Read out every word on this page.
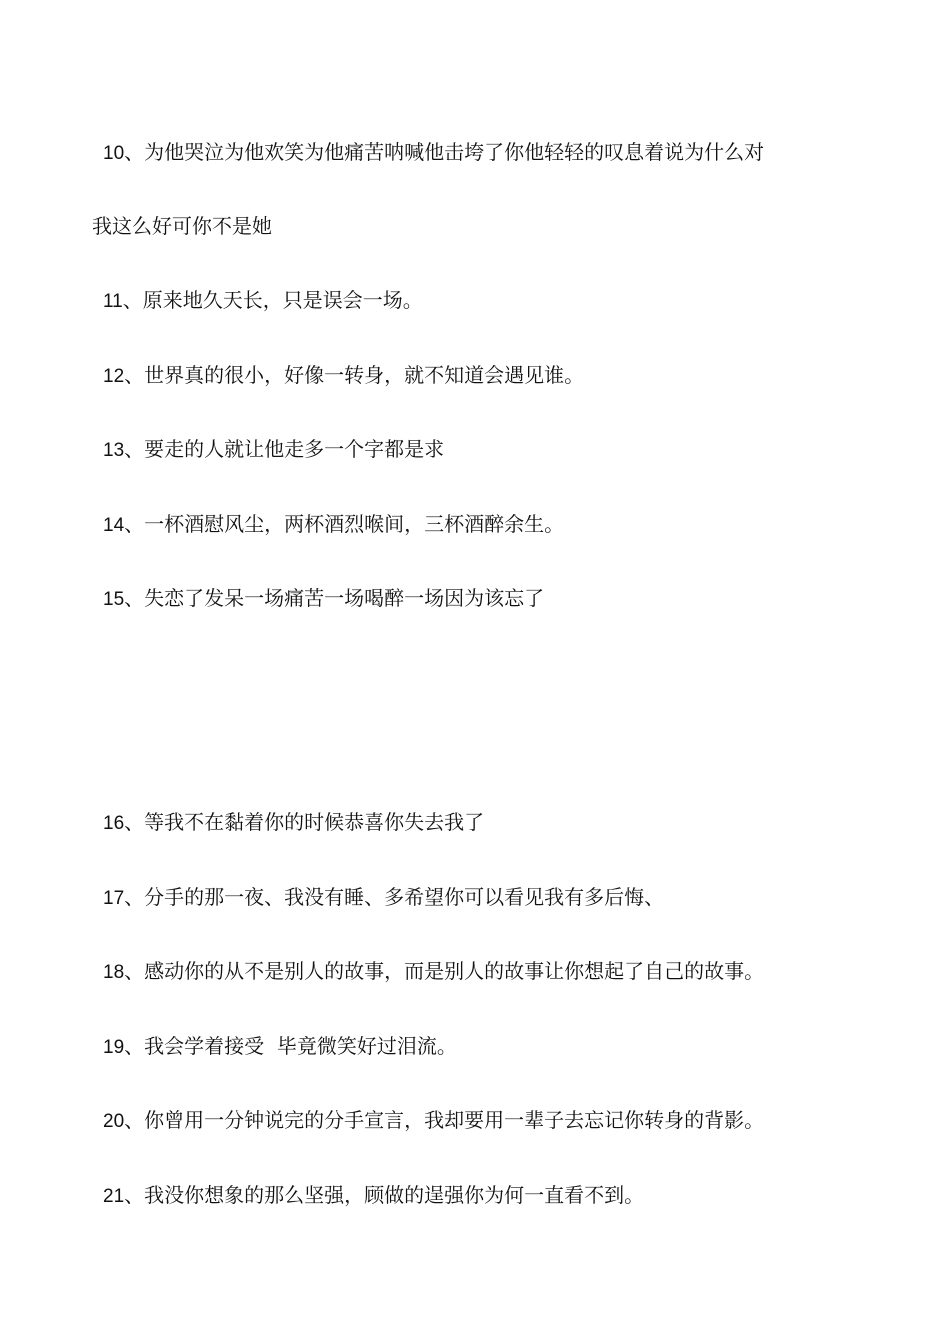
10、为他哭泣为他欢笑为他痛苦呐喊他击垮了你他轻轻的叹息着说为什么对
我这么好可你不是她
11、原来地久天长，只是误会一场。
12、世界真的很小，好像一转身，就不知道会遇见谁。
13、要走的人就让他走多一个字都是求
14、一杯酒慰风尘，两杯酒烈喉间，三杯酒醉余生。
15、失恋了发呆一场痛苦一场喝醉一场因为该忘了
16、等我不在黏着你的时候恭喜你失去我了
17、分手的那一夜、我没有睡、多希望你可以看见我有多后悔、
18、感动你的从不是别人的故事，而是别人的故事让你想起了自己的故事。
19、我会学着接受  毕竟微笑好过泪流。
20、你曾用一分钟说完的分手宣言，我却要用一辈子去忘记你转身的背影。
21、我没你想象的那么坚强，顾做的逞强你为何一直看不到。
